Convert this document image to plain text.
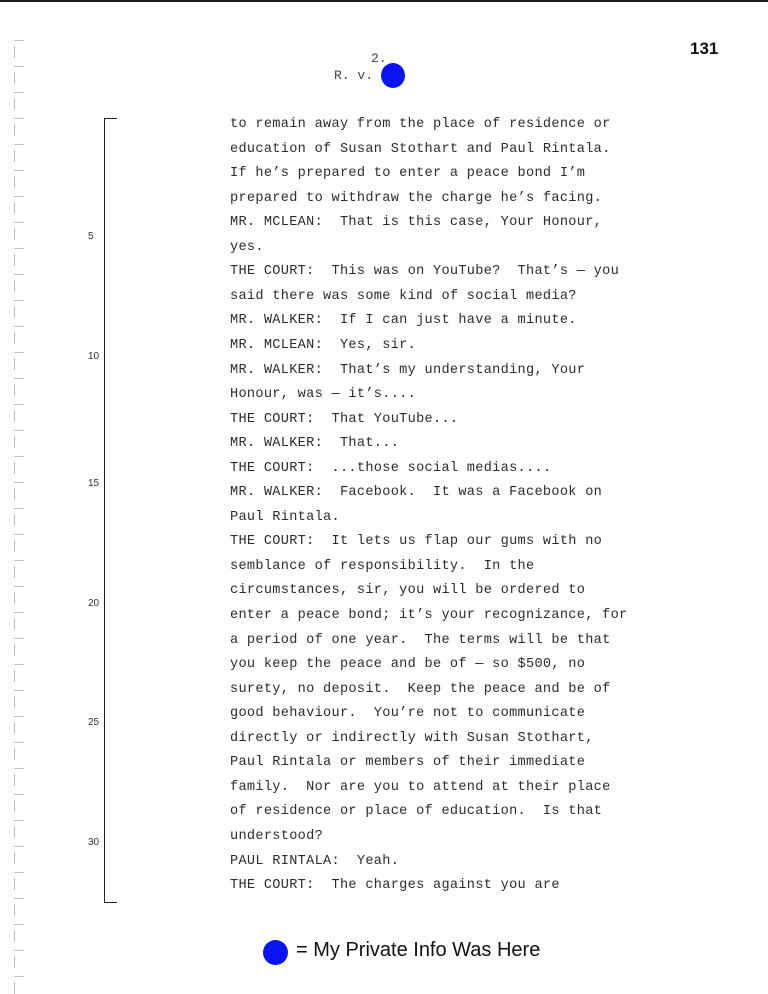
131
2.
R. v.
5
10
15
20
25
30
to remain away from the place of residence or
education of Susan Stothart and Paul Rintala.
If he’s prepared to enter a peace bond I’m
prepared to withdraw the charge he’s facing.
MR. MCLEAN:  That is this case, Your Honour,
yes.
THE COURT:  This was on YouTube?  That’s — you
said there was some kind of social media?
MR. WALKER:  If I can just have a minute.
MR. MCLEAN:  Yes, sir.
MR. WALKER:  That’s my understanding, Your
Honour, was — it’s....
THE COURT:  That YouTube...
MR. WALKER:  That...
THE COURT:  ...those social medias....
MR. WALKER:  Facebook.  It was a Facebook on
Paul Rintala.
THE COURT:  It lets us flap our gums with no
semblance of responsibility.  In the
circumstances, sir, you will be ordered to
enter a peace bond; it’s your recognizance, for
a period of one year.  The terms will be that
you keep the peace and be of — so $500, no
surety, no deposit.  Keep the peace and be of
good behaviour.  You’re not to communicate
directly or indirectly with Susan Stothart,
Paul Rintala or members of their immediate
family.  Nor are you to attend at their place
of residence or place of education.  Is that
understood?
PAUL RINTALA:  Yeah.
THE COURT:  The charges against you are
= My Private Info Was Here
